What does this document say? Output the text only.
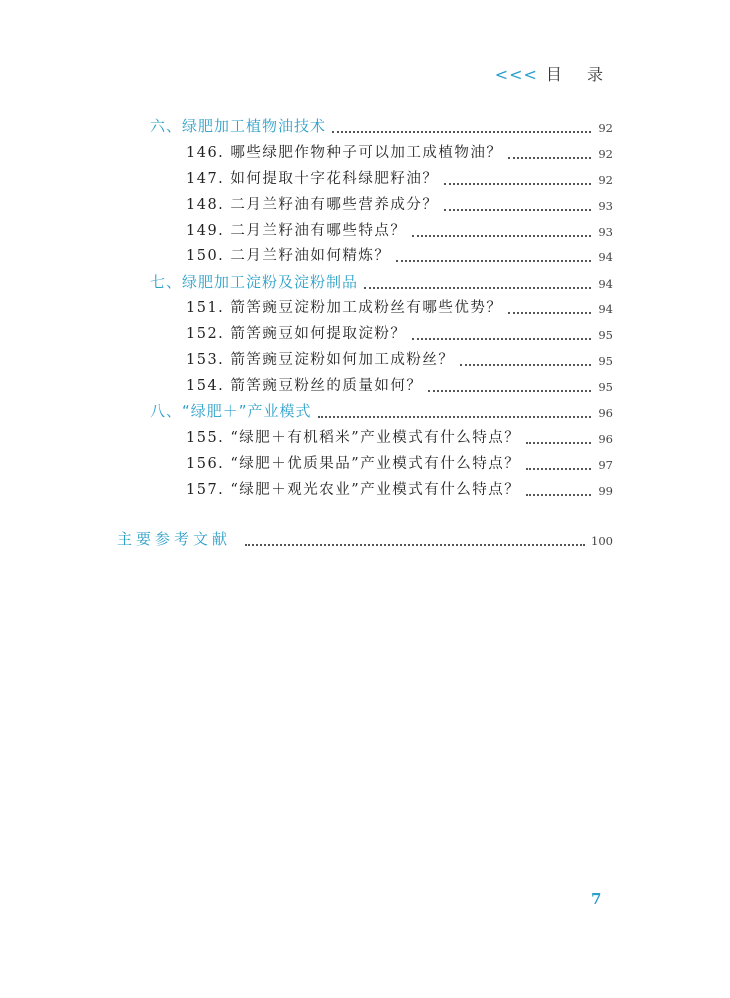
<<< 目 录
六、绿肥加工植物油技术	92
146. 哪些绿肥作物种子可以加工成植物油？	92
147. 如何提取十字花科绿肥籽油？	92
148. 二月兰籽油有哪些营养成分？	93
149. 二月兰籽油有哪些特点？	93
150. 二月兰籽油如何精炼？	94
七、绿肥加工淀粉及淀粉制品	94
151. 箭筈豌豆淀粉加工成粉丝有哪些优势？	94
152. 箭筈豌豆如何提取淀粉？	95
153. 箭筈豌豆淀粉如何加工成粉丝？	95
154. 箭筈豌豆粉丝的质量如何？	95
八、“绿肥＋”产业模式	96
155. “绿肥＋有机稻米”产业模式有什么特点？	96
156. “绿肥＋优质果品”产业模式有什么特点？	97
157. “绿肥＋观光农业”产业模式有什么特点？	99
主要参考文献	100
7
